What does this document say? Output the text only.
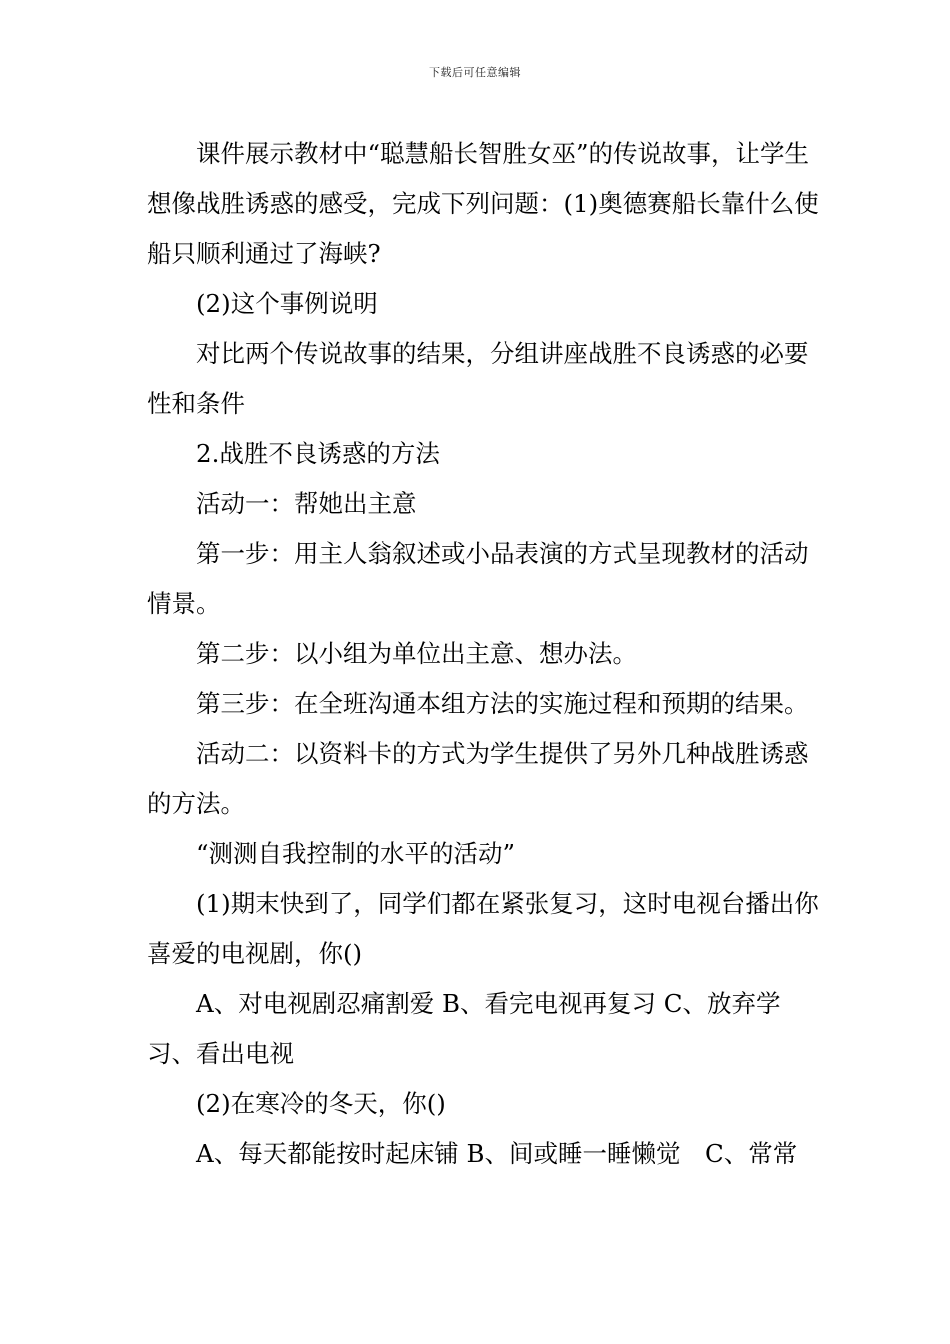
下载后可任意编辑

课件展示教材中“聪慧船长智胜女巫”的传说故事，让学生想像战胜诱惑的感受，完成下列问题：(1)奥德赛船长靠什么使船只顺利通过了海峡?

(2)这个事例说明

对比两个传说故事的结果，分组讲座战胜不良诱惑的必要性和条件

2.战胜不良诱惑的方法

活动一：帮她出主意

第一步：用主人翁叙述或小品表演的方式呈现教材的活动情景。

第二步：以小组为单位出主意、想办法。

第三步：在全班沟通本组方法的实施过程和预期的结果。

活动二：以资料卡的方式为学生提供了另外几种战胜诱惑的方法。

“测测自我控制的水平的活动”

(1)期末快到了，同学们都在紧张复习，这时电视台播出你喜爱的电视剧，你()

A、对电视剧忍痛割爱 B、看完电视再复习 C、放弃学习、看出电视

(2)在寒冷的冬天，你()

A、每天都能按时起床铺 B、间或睡一睡懒觉　C、常常
